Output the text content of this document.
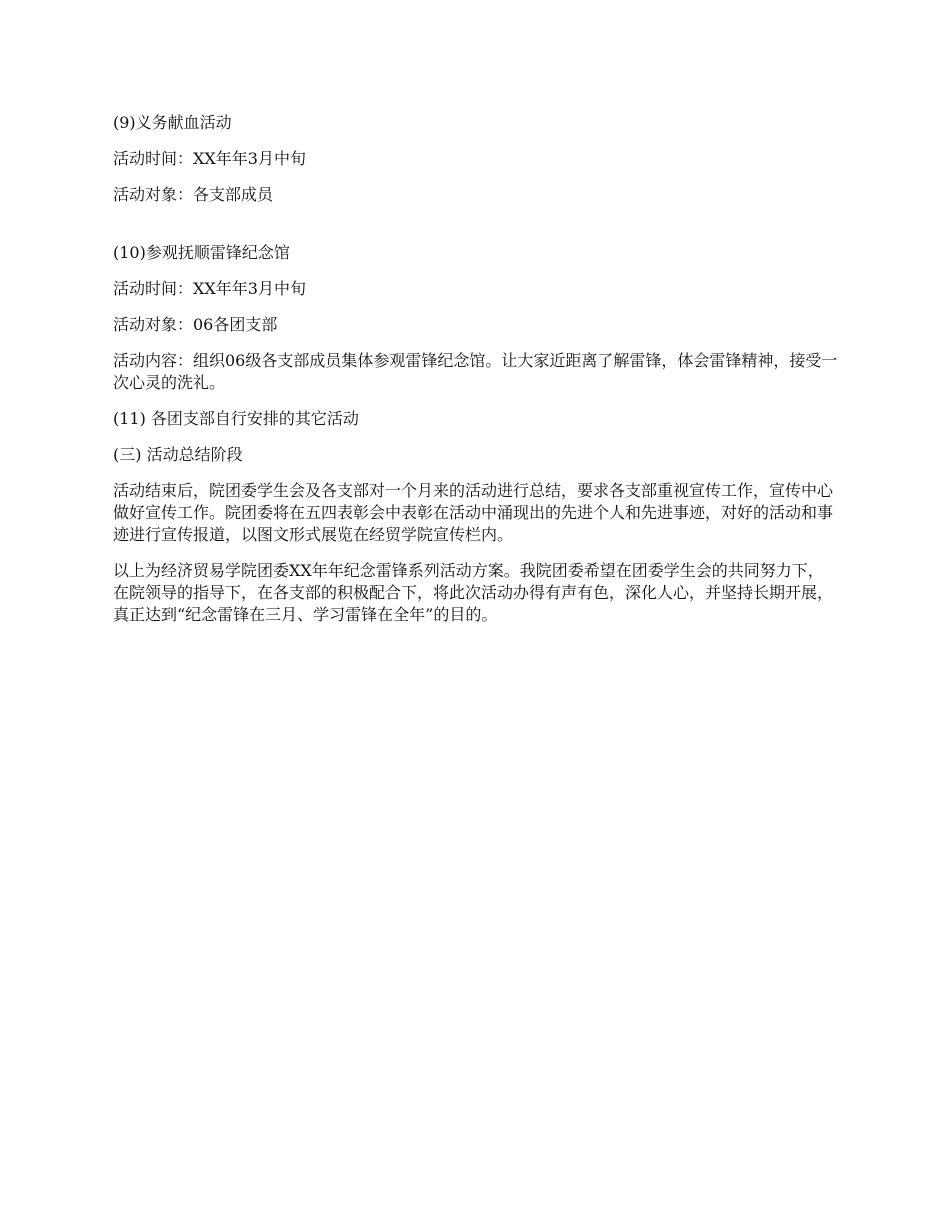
(9)义务献血活动

活动时间：XX年年3月中旬

活动对象：各支部成员

(10)参观抚顺雷锋纪念馆

活动时间：XX年年3月中旬

活动对象：06各团支部

活动内容：组织06级各支部成员集体参观雷锋纪念馆。让大家近距离了解雷锋，体会雷锋精神，接受一次心灵的洗礼。

(11) 各团支部自行安排的其它活动

(三) 活动总结阶段

活动结束后，院团委学生会及各支部对一个月来的活动进行总结，要求各支部重视宣传工作，宣传中心做好宣传工作。院团委将在五四表彰会中表彰在活动中涌现出的先进个人和先进事迹，对好的活动和事迹进行宣传报道，以图文形式展览在经贸学院宣传栏内。

以上为经济贸易学院团委XX年年纪念雷锋系列活动方案。我院团委希望在团委学生会的共同努力下，在院领导的指导下，在各支部的积极配合下，将此次活动办得有声有色，深化人心，并坚持长期开展，真正达到“纪念雷锋在三月、学习雷锋在全年”的目的。
